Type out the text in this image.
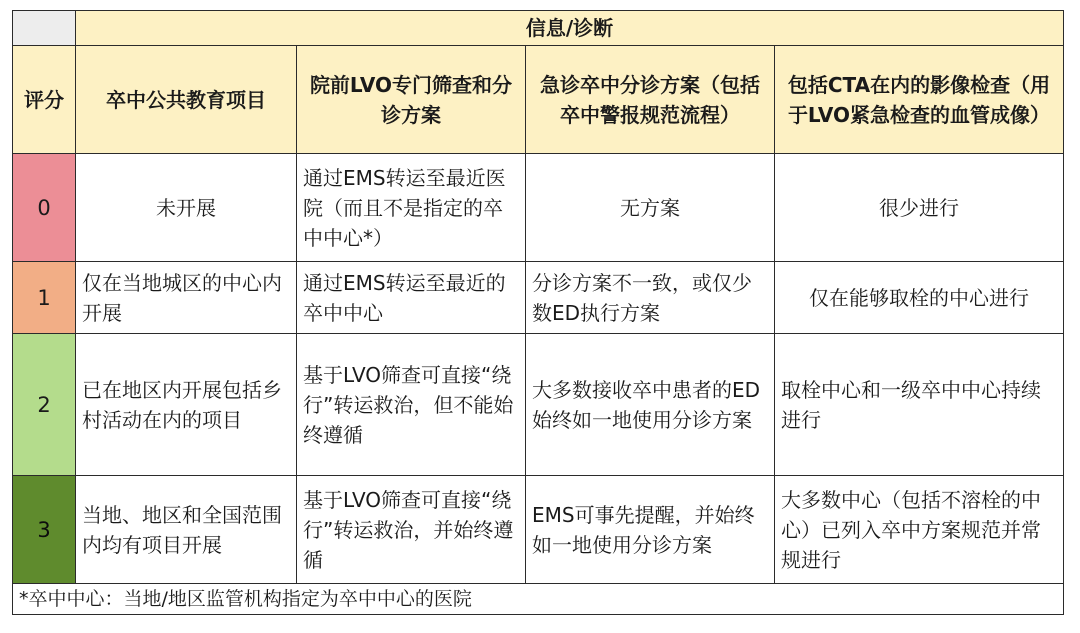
	信息/诊断			
评分	卒中公共教育项目	院前LVO专门筛查和分诊方案	急诊卒中分诊方案（包括卒中警报规范流程）	包括CTA在内的影像检查（用于LVO紧急检查的血管成像）
0	未开展	通过EMS转运至最近医院（而且不是指定的卒中中心*）	无方案	很少进行
1	仅在当地城区的中心内开展	通过EMS转运至最近的卒中中心	分诊方案不一致，或仅少数ED执行方案	仅在能够取栓的中心进行
2	已在地区内开展包括乡村活动在内的项目	基于LVO筛查可直接“绕行”转运救治，但不能始终遵循	大多数接收卒中患者的ED始终如一地使用分诊方案	取栓中心和一级卒中中心持续进行
3	当地、地区和全国范围内均有项目开展	基于LVO筛查可直接“绕行”转运救治，并始终遵循	EMS可事先提醒，并始终如一地使用分诊方案	大多数中心（包括不溶栓的中心）已列入卒中方案规范并常规进行
*卒中中心：当地/地区监管机构指定为卒中中心的医院				
